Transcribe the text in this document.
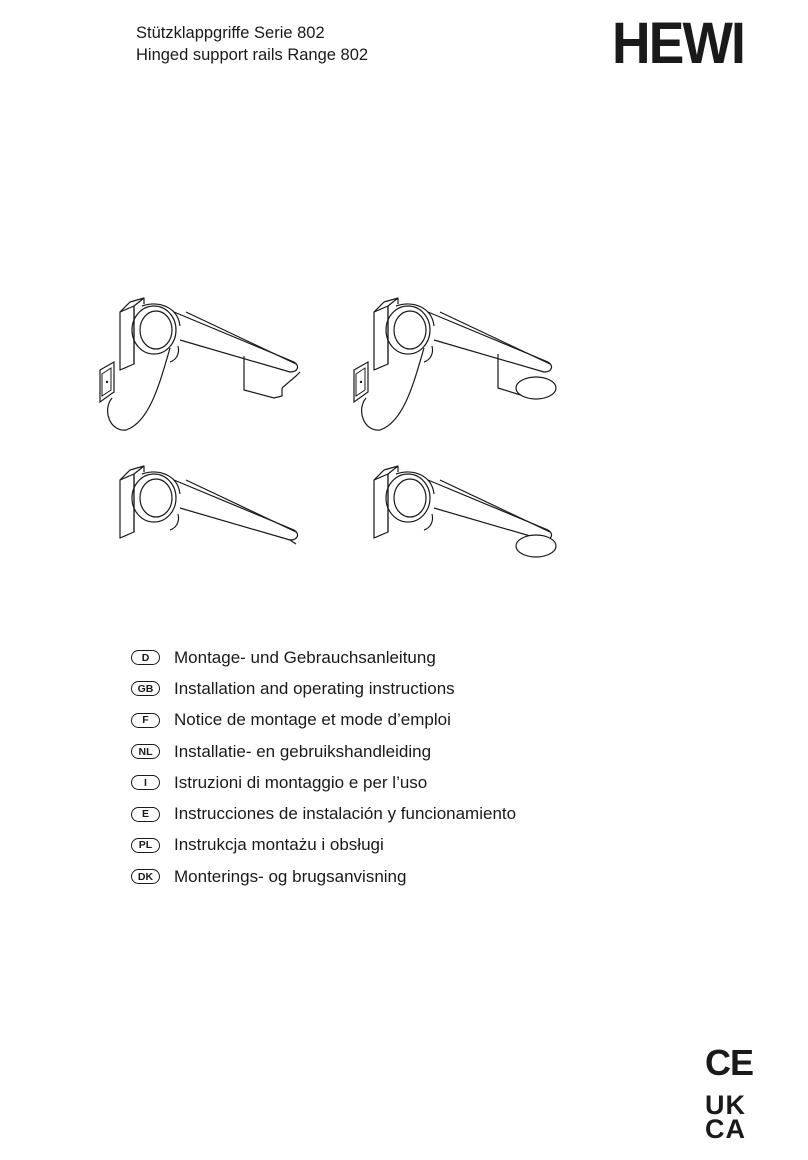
Stützklappgriffe Serie 802
Hinged support rails Range 802	HEWI
D	Montage- und Gebrauchsanleitung
GB	Installation and operating instructions
F	Notice de montage et mode d’emploi
NL	Installatie- en gebruikshandleiding
I	Istruzioni di montaggio e per l’uso
E	Instrucciones de instalación y funcionamiento
PL	Instrukcja montażu i obsługi
DK	Monterings- og brugsanvisning
CE
UK
CA
